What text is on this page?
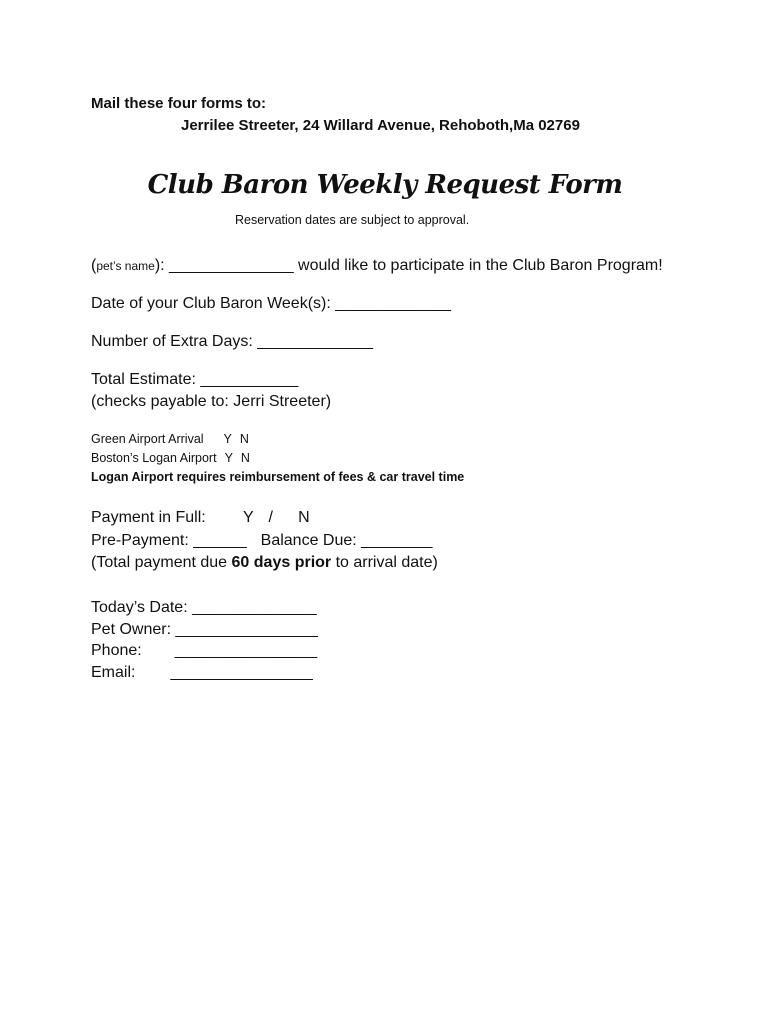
Mail these four forms to:
Jerrilee Streeter, 24 Willard Avenue, Rehoboth,Ma 02769
Club Baron Weekly Request Form
Reservation dates are subject to approval.
(pet’s name): ______________ would like to participate in the Club Baron Program!
Date of your Club Baron Week(s): _____________
Number of Extra Days: _____________
Total Estimate: ___________
(checks payable to: Jerri Streeter)
Green Airport Arrival Y N
Boston’s Logan Airport Y N
Logan Airport requires reimbursement of fees & car travel time
Payment in Full: Y / N
Pre-Payment: ______ Balance Due: ________
(Total payment due 60 days prior to arrival date)
Today’s Date: ______________
Pet Owner: ________________
Phone: ________________
Email: ________________
